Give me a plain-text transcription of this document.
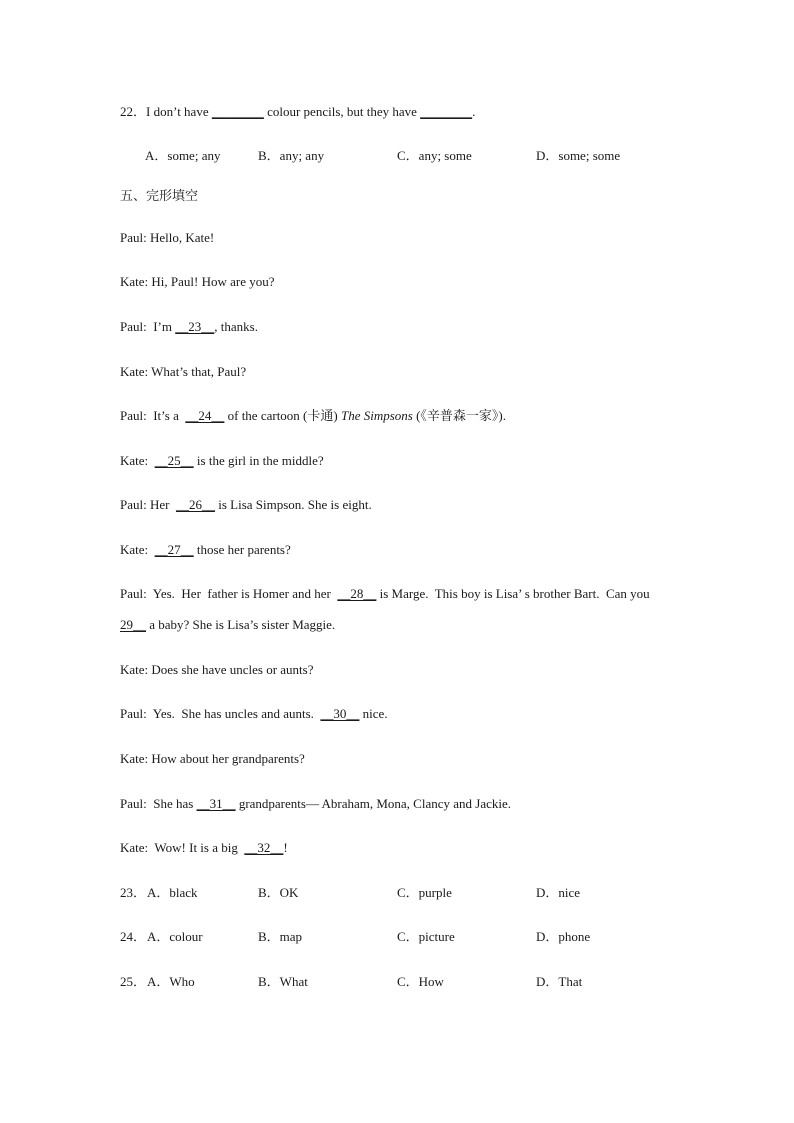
22．I don’t have ________ colour pencils, but they have ________.
A．some; any	B．any; any	C．any; some	D．some; some
五、完形填空
Paul: Hello, Kate!
Kate: Hi, Paul! How are you?
Paul:  I’m __23__, thanks.
Kate: What’s that, Paul?
Paul:  It’s a  __24__ of the cartoon (卡通) The Simpsons (《辛普森一家》).
Kate:  __25__ is the girl in the middle?
Paul: Her  __26__ is Lisa Simpson. She is eight.
Kate:  __27__ those her parents?
Paul:  Yes.  Her  father is Homer and her  __28__ is Marge.  This boy is Lisa’ s brother Bart.  Can you
29__ a baby? She is Lisa’s sister Maggie.
Kate: Does she have uncles or aunts?
Paul:  Yes.  She has uncles and aunts.  __30__ nice.
Kate: How about her grandparents?
Paul:  She has __31__ grandparents— Abraham, Mona, Clancy and Jackie.
Kate:  Wow! It is a big  __32__!
23． A．black	B．OK	C．purple	D．nice
24． A．colour	B．map	C．picture	D．phone
25． A．Who	B．What	C．How	D．That
